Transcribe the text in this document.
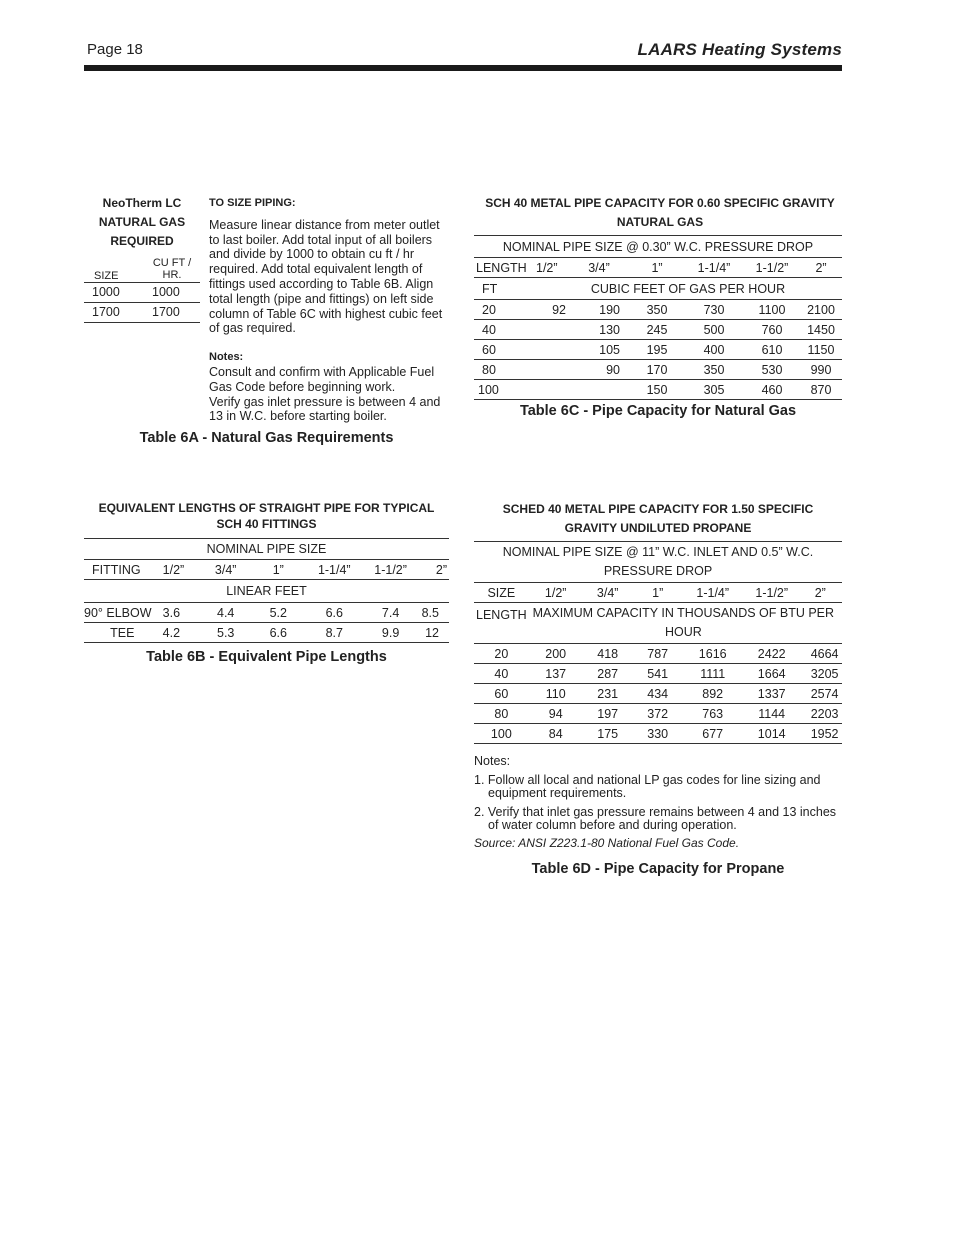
Page 18	LAARS Heating Systems
NeoTherm LC
NATURAL GAS
REQUIRED
SIZE	CU FT / HR.
1000	1000
1700	1700
TO SIZE PIPING:
Measure linear distance from meter outlet to last boiler. Add total input of all boilers and divide by 1000 to obtain cu ft / hr required. Add total equivalent length of fittings used according to Table 6B. Align total length (pipe and fittings) on left side column of Table 6C with highest cubic feet of gas required.
Notes:
Consult and confirm with Applicable Fuel Gas Code before beginning work.
Verify gas inlet pressure is between 4 and 13 in W.C. before starting boiler.
Table 6A - Natural Gas Requirements
SCH 40 METAL PIPE CAPACITY FOR 0.60 SPECIFIC GRAVITY NATURAL GAS
NOMINAL PIPE SIZE @ 0.30” W.C. PRESSURE DROP						
LENGTH	1/2”	3/4”	1”	1-1/4”	1-1/2”	2”
FT	CUBIC FEET OF GAS PER HOUR					
20	92	190	350	730	1100	2100
40		130	245	500	760	1450
60		105	195	400	610	1150
80		90	170	350	530	990
100			150	305	460	870
Table 6C - Pipe Capacity for Natural Gas
EQUIVALENT LENGTHS OF STRAIGHT PIPE FOR TYPICAL SCH 40 FITTINGS
NOMINAL PIPE SIZE						
FITTING	1/2”	3/4”	1”	1-1/4”	1-1/2”	2”
LINEAR FEET						
90° ELBOW	3.6	4.4	5.2	6.6	7.4	8.5
TEE	4.2	5.3	6.6	8.7	9.9	12
Table 6B - Equivalent Pipe Lengths
SCHED 40 METAL PIPE CAPACITY FOR 1.50 SPECIFIC GRAVITY UNDILUTED PROPANE
NOMINAL PIPE SIZE @ 11” W.C. INLET AND 0.5” W.C. PRESSURE DROP						
SIZE	1/2”	3/4”	1”	1-1/4”	1-1/2”	2”
LENGTH	MAXIMUM CAPACITY IN THOUSANDS OF BTU PER HOUR					
20	200	418	787	1616	2422	4664
40	137	287	541	1111	1664	3205
60	110	231	434	892	1337	2574
80	94	197	372	763	1144	2203
100	84	175	330	677	1014	1952
Notes:
1. Follow all local and national LP gas codes for line sizing and equipment requirements.
2. Verify that inlet gas pressure remains between 4 and 13 inches of water column before and during operation.
Source: ANSI Z223.1-80 National Fuel Gas Code.
Table 6D - Pipe Capacity for Propane
